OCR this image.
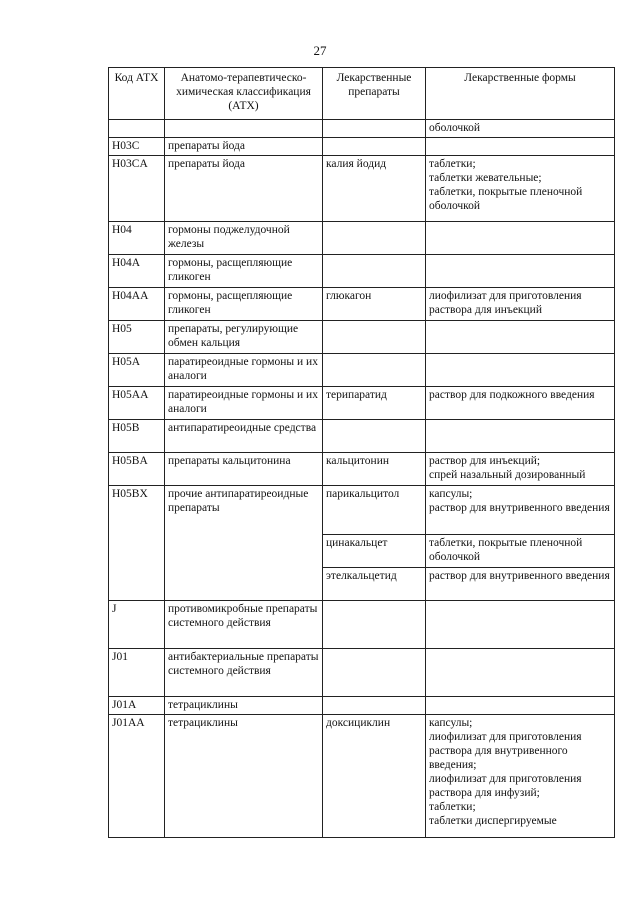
27
Код АТХ	Анатомо-терапевтическо-химическая классификация (АТХ)	Лекарственные препараты	Лекарственные формы
			оболочкой
H03C	препараты йода		
H03CA	препараты йода	калия йодид	таблетки;
таблетки жевательные;
таблетки, покрытые пленочной оболочкой
H04	гормоны поджелудочной железы		
H04A	гормоны, расщепляющие гликоген		
H04AA	гормоны, расщепляющие гликоген	глюкагон	лиофилизат для приготовления раствора для инъекций
H05	препараты, регулирующие обмен кальция		
H05A	паратиреоидные гормоны и их аналоги		
H05AA	паратиреоидные гормоны и их аналоги	терипаратид	раствор для подкожного введения
H05B	антипаратиреоидные средства		
H05BA	препараты кальцитонина	кальцитонин	раствор для инъекций;
спрей назальный дозированный
H05BX	прочие антипаратиреоидные препараты	парикальцитол	капсулы;
раствор для внутривенного введения
		цинакальцет	таблетки, покрытые пленочной оболочкой
		этелкальцетид	раствор для внутривенного введения
J	противомикробные препараты системного действия		
J01	антибактериальные препараты системного действия		
J01A	тетрациклины		
J01AA	тетрациклины	доксициклин	капсулы;
лиофилизат для приготовления раствора для внутривенного введения;
лиофилизат для приготовления раствора для инфузий;
таблетки;
таблетки диспергируемые
